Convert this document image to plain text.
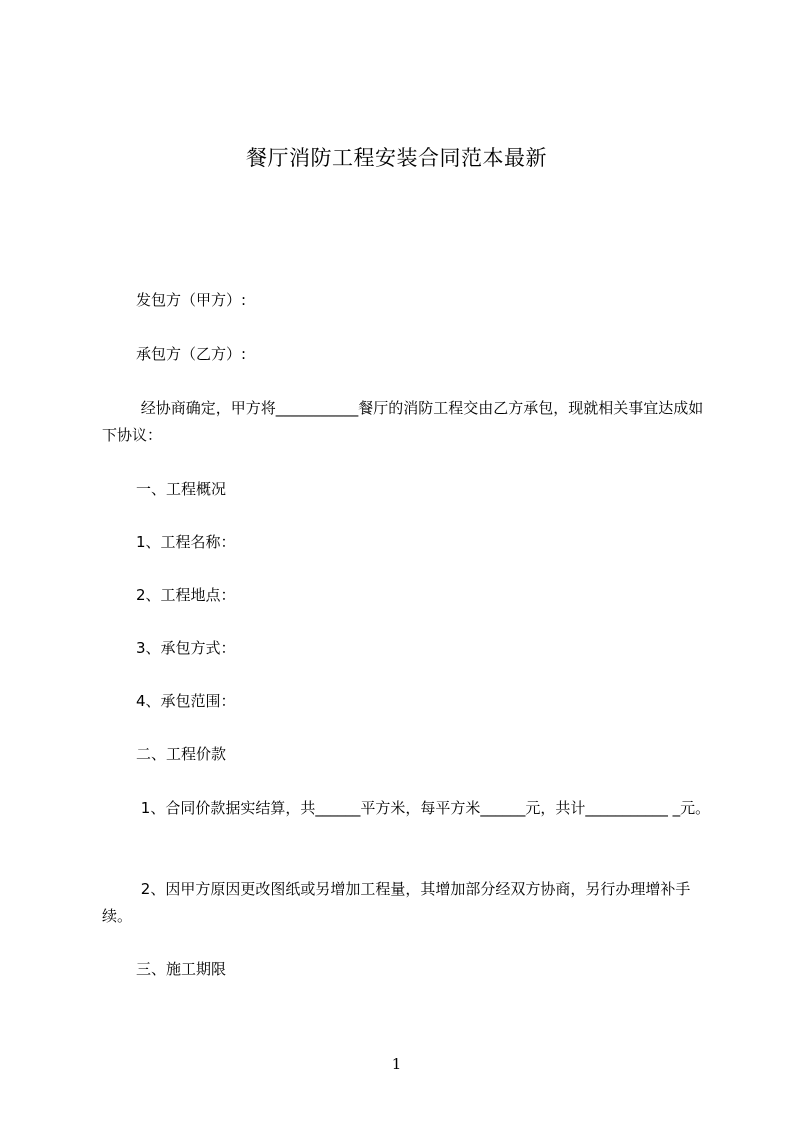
餐厅消防工程安装合同范本最新
发包方（甲方）:
承包方（乙方）:
经协商确定，甲方将___________餐厅的消防工程交由乙方承包，现就相关事宜达成如下协议：
一、工程概况
1、工程名称：
2、工程地点：
3、承包方式：
4、承包范围：
二、工程价款
1、合同价款据实结算，共______平方米，每平方米______元，共计___________ _元。
2、因甲方原因更改图纸或另增加工程量，其增加部分经双方协商，另行办理增补手续。
三、施工期限
1
